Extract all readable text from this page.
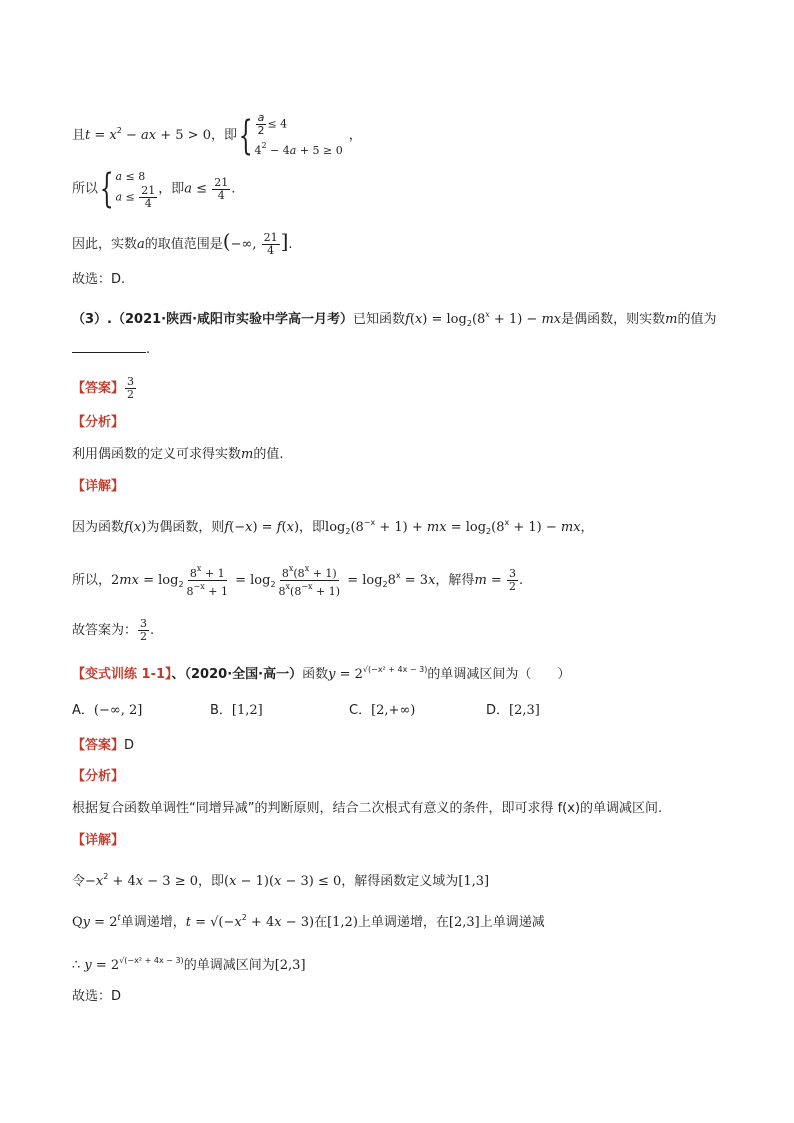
且$t = x^2$ − ax + 5 > 0，即{ $\frac{a}{2} \le 4$
$4^2 - 4a + 5 \ge 0$
，
所以{ a ≤ 8
$a \le \frac{21}{4}$ ，即$a \le \frac{21}{4}$ .
因此，实数a的取值范围是(−∞, $\frac{21}{4}$ ].
故选：D.
（3）.（2021·陕西·咸阳市实验中学高一月考）已知函数$f(x) = \log_2(8^x + 1)$ − mx是偶函数，则实数m的值为
.
【答案】 $\frac{3}{2}$
【分析】
利用偶函数的定义可求得实数m的值.
【详解】
因为函数f(x)为偶函数，则f(−x) = f(x)，即$\log_2(8^{-x} + 1)$ + mx = $\log_2(8^x + 1)$ − mx，
所以，$2mx = \log_2 \frac{8^x + 1}{8^{-x} + 1} = \log_2 \frac{8^x(8^x + 1)}{8^x(8^{-x} + 1)} = \log_28^x = 3x$，解得$m = \frac{3}{2}$ .
故答案为： $\frac{3}{2}$ .
【变式训练 1-1】、（2020·全国·高一）函数$y = 2^{√(-x^2 + 4x - 3)}$的单调减区间为（　　）
A．(−∞, 2]	B．[1,2]	C．[2,+∞)	D．[2,3]
【答案】D
【分析】
根据复合函数单调性“同增异减”的判断原则，结合二次根式有意义的条件，即可求得 f(x)的单调减区间.
【详解】
令$-x^2 + 4x - 3 \ge 0$，即(x − 1)(x − 3) ≤ 0，解得函数定义域为[1,3]
$Qy = 2^t$单调递增，$t = √(-x^2 + 4x - 3)$在[1,2)上单调递增，在[2,3]上单调递减
∴ $y = 2^{√(-x^2 + 4x - 3)}$的单调减区间为[2,3]
故选：D
